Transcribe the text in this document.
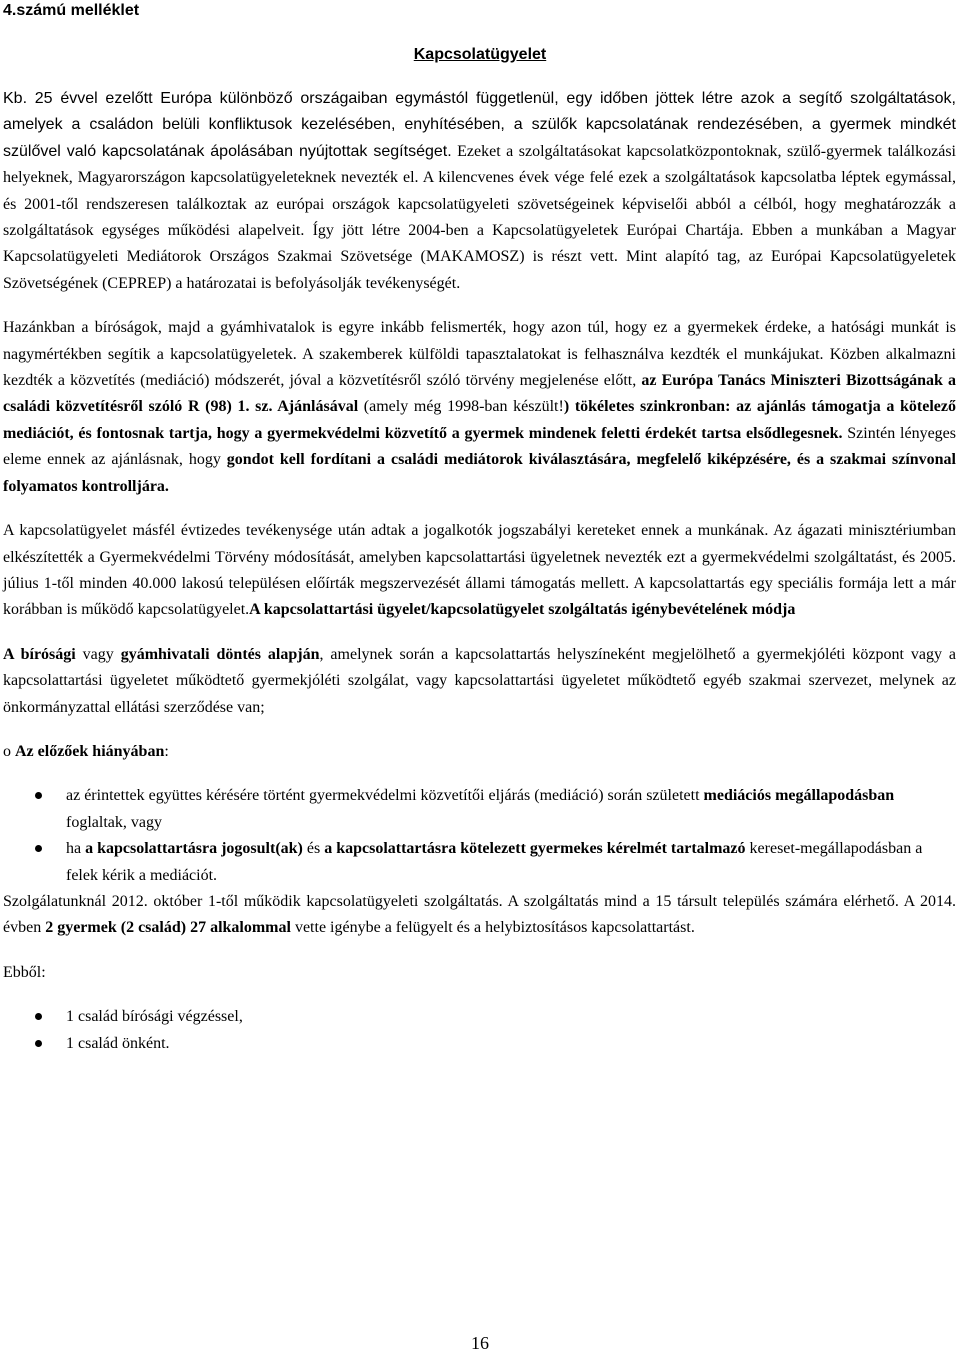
4.számú melléklet

Kapcsolatügyelet

Kb. 25 évvel ezelőtt Európa különböző országaiban egymástól függetlenül, egy időben jöttek létre azok a segítő szolgáltatások, amelyek a családon belüli konfliktusok kezelésében, enyhítésében, a szülők kapcsolatának rendezésében, a gyermek mindkét szülővel való kapcsolatának ápolásában nyújtottak segítséget. Ezeket a szolgáltatásokat kapcsolatközpontoknak, szülő-gyermek találkozási helyeknek, Magyarországon kapcsolatügyeleteknek nevezték el. A kilencvenes évek vége felé ezek a szolgáltatások kapcsolatba léptek egymással, és 2001-től rendszeresen találkoztak az európai országok kapcsolatügyeleti szövetségeinek képviselői abból a célból, hogy meghatározzák a szolgáltatások egységes működési alapelveit. Így jött létre 2004-ben a Kapcsolatügyeletek Európai Chartája. Ebben a munkában a Magyar Kapcsolatügyeleti Mediátorok Országos Szakmai Szövetsége (MAKAMOSZ) is részt vett. Mint alapító tag, az Európai Kapcsolatügyeletek Szövetségének (CEPREP) a határozatai is befolyásolják tevékenységét.

Hazánkban a bíróságok, majd a gyámhivatalok is egyre inkább felismerték, hogy azon túl, hogy ez a gyermekek érdeke, a hatósági munkát is nagymértékben segítik a kapcsolatügyeletek. A szakemberek külföldi tapasztalatokat is felhasználva kezdték el munkájukat. Közben alkalmazni kezdték a közvetítés (mediáció) módszerét, jóval a közvetítésről szóló törvény megjelenése előtt, az Európa Tanács Miniszteri Bizottságának a családi közvetítésről szóló R (98) 1. sz. Ajánlásával (amely még 1998-ban készült!) tökéletes szinkronban: az ajánlás támogatja a kötelező mediációt, és fontosnak tartja, hogy a gyermekvédelmi közvetítő a gyermek mindenek feletti érdekét tartsa elsődlegesnek. Szintén lényeges eleme ennek az ajánlásnak, hogy gondot kell fordítani a családi mediátorok kiválasztására, megfelelő kiképzésére, és a szakmai színvonal folyamatos kontrolljára.

A kapcsolatügyelet másfél évtizedes tevékenysége után adtak a jogalkotók jogszabályi kereteket ennek a munkának. Az ágazati minisztériumban elkészítették a Gyermekvédelmi Törvény módosítását, amelyben kapcsolattartási ügyeletnek nevezték ezt a gyermekvédelmi szolgáltatást, és 2005. július 1-től minden 40.000 lakosú településen előírták megszervezését állami támogatás mellett. A kapcsolattartás egy speciális formája lett a már korábban is működő kapcsolatügyelet.A kapcsolattartási ügyelet/kapcsolatügyelet szolgáltatás igénybevételének módja

A bírósági vagy gyámhivatali döntés alapján, amelynek során a kapcsolattartás helyszíneként megjelölhető a gyermekjóléti központ vagy a kapcsolattartási ügyeletet működtető gyermekjóléti szolgálat, vagy kapcsolattartási ügyeletet működtető egyéb szakmai szervezet, melynek az önkormányzattal ellátási szerződése van;

o Az előzőek hiányában:

az érintettek együttes kérésére történt gyermekvédelmi közvetítői eljárás (mediáció) során született mediációs megállapodásban foglaltak, vagy
ha a kapcsolattartásra jogosult(ak) és a kapcsolattartásra kötelezett gyermekes kérelmét tartalmazó kereset-megállapodásban a felek kérik a mediációt.

Szolgálatunknál 2012. október 1-től működik kapcsolatügyeleti szolgáltatás. A szolgáltatás mind a 15 társult település számára elérhető. A 2014. évben 2 gyermek (2 család) 27 alkalommal vette igénybe a felügyelt és a helybiztosításos kapcsolattartást.

Ebből:

1 család bírósági végzéssel,
1 család önként.

16
